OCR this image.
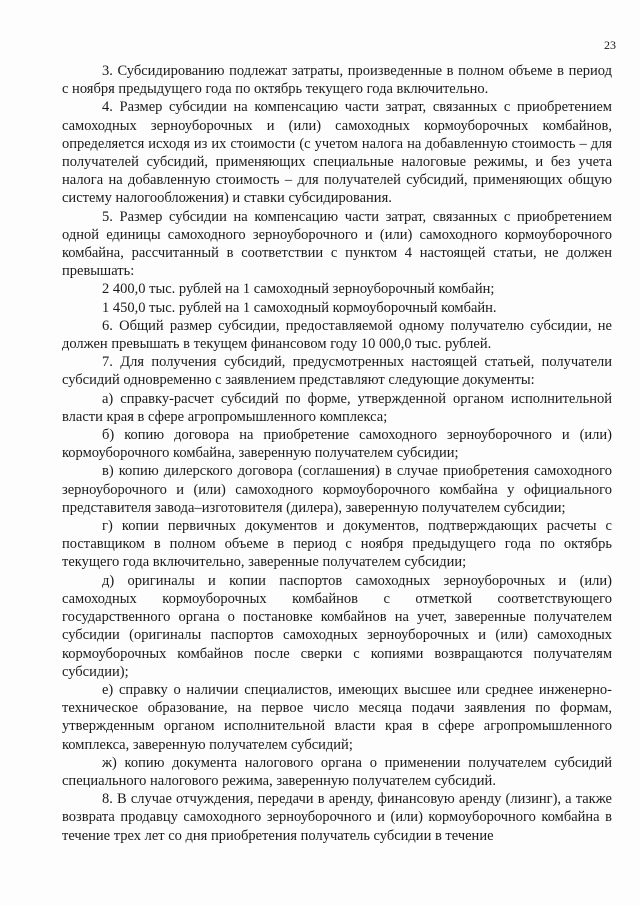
23

3. Субсидированию подлежат затраты, произведенные в полном объеме в период с ноября предыдущего года по октябрь текущего года включительно.

4. Размер субсидии на компенсацию части затрат, связанных с приобретением самоходных зерноуборочных и (или) самоходных кормоуборочных комбайнов, определяется исходя из их стоимости (с учетом налога на добавленную стоимость – для получателей субсидий, применяющих специальные налоговые режимы, и без учета налога на добавленную стоимость – для получателей субсидий, применяющих общую систему налогообложения) и ставки субсидирования.

5. Размер субсидии на компенсацию части затрат, связанных с приобретением одной единицы самоходного зерноуборочного и (или) самоходного кормоуборочного комбайна, рассчитанный в соответствии с пунктом 4 настоящей статьи, не должен превышать:

2 400,0 тыс. рублей на 1 самоходный зерноуборочный комбайн;

1 450,0 тыс. рублей на 1 самоходный кормоуборочный комбайн.

6. Общий размер субсидии, предоставляемой одному получателю субсидии, не должен превышать в текущем финансовом году 10 000,0 тыс. рублей.

7. Для получения субсидий, предусмотренных настоящей статьей, получатели субсидий одновременно с заявлением представляют следующие документы:

а) справку-расчет субсидий по форме, утвержденной органом исполнительной власти края в сфере агропромышленного комплекса;

б) копию договора на приобретение самоходного зерноуборочного и (или) кормоуборочного комбайна, заверенную получателем субсидии;

в) копию дилерского договора (соглашения) в случае приобретения самоходного зерноуборочного и (или) самоходного кормоуборочного комбайна у официального представителя завода–изготовителя (дилера), заверенную получателем субсидии;

г) копии первичных документов и документов, подтверждающих расчеты с поставщиком в полном объеме в период с ноября предыдущего года по октябрь текущего года включительно, заверенные получателем субсидии;

д) оригиналы и копии паспортов самоходных зерноуборочных и (или) самоходных кормоуборочных комбайнов с отметкой соответствующего государственного органа о постановке комбайнов на учет, заверенные получателем субсидии (оригиналы паспортов самоходных зерноуборочных и (или) самоходных кормоуборочных комбайнов после сверки с копиями возвращаются получателям субсидии);

е) справку о наличии специалистов, имеющих высшее или среднее инженерно-техническое образование, на первое число месяца подачи заявления по формам, утвержденным органом исполнительной власти края в сфере агропромышленного комплекса, заверенную получателем субсидий;

ж) копию документа налогового органа о применении получателем субсидий специального налогового режима, заверенную получателем субсидий.

8. В случае отчуждения, передачи в аренду, финансовую аренду (лизинг), а также возврата продавцу самоходного зерноуборочного и (или) кормоуборочного комбайна в течение трех лет со дня приобретения получатель субсидии в течение
